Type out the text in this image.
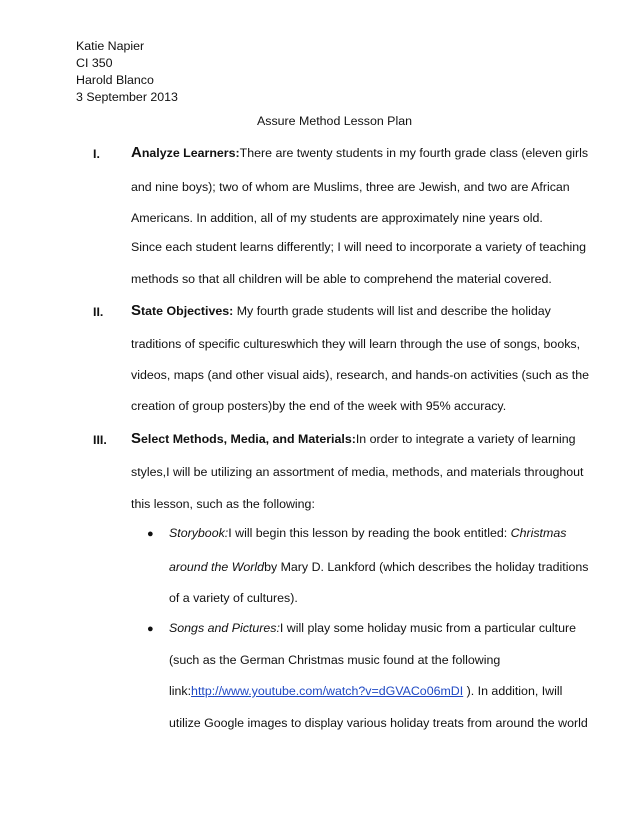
Katie Napier
CI 350
Harold Blanco
3 September 2013
Assure Method Lesson Plan
I. Analyze Learners:There are twenty students in my fourth grade class (eleven girls
and nine boys); two of whom are Muslims, three are Jewish, and two are African
Americans. In addition, all of my students are approximately nine years old.
Since each student learns differently; I will need to incorporate a variety of teaching
methods so that all children will be able to comprehend the material covered.
II. State Objectives: My fourth grade students will list and describe the holiday
traditions of specific cultureswhich they will learn through the use of songs, books,
videos, maps (and other visual aids), research, and hands-on activities (such as the
creation of group posters)by the end of the week with 95% accuracy.
III. Select Methods, Media, and Materials:In order to integrate a variety of learning
styles,I will be utilizing an assortment of media, methods, and materials throughout
this lesson, such as the following:
● Storybook:I will begin this lesson by reading the book entitled: Christmas
around the Worldby Mary D. Lankford (which describes the holiday traditions
of a variety of cultures).
● Songs and Pictures:I will play some holiday music from a particular culture
(such as the German Christmas music found at the following
link:http://www.youtube.com/watch?v=dGVACo06mDI ). In addition, Iwill
utilize Google images to display various holiday treats from around the world
